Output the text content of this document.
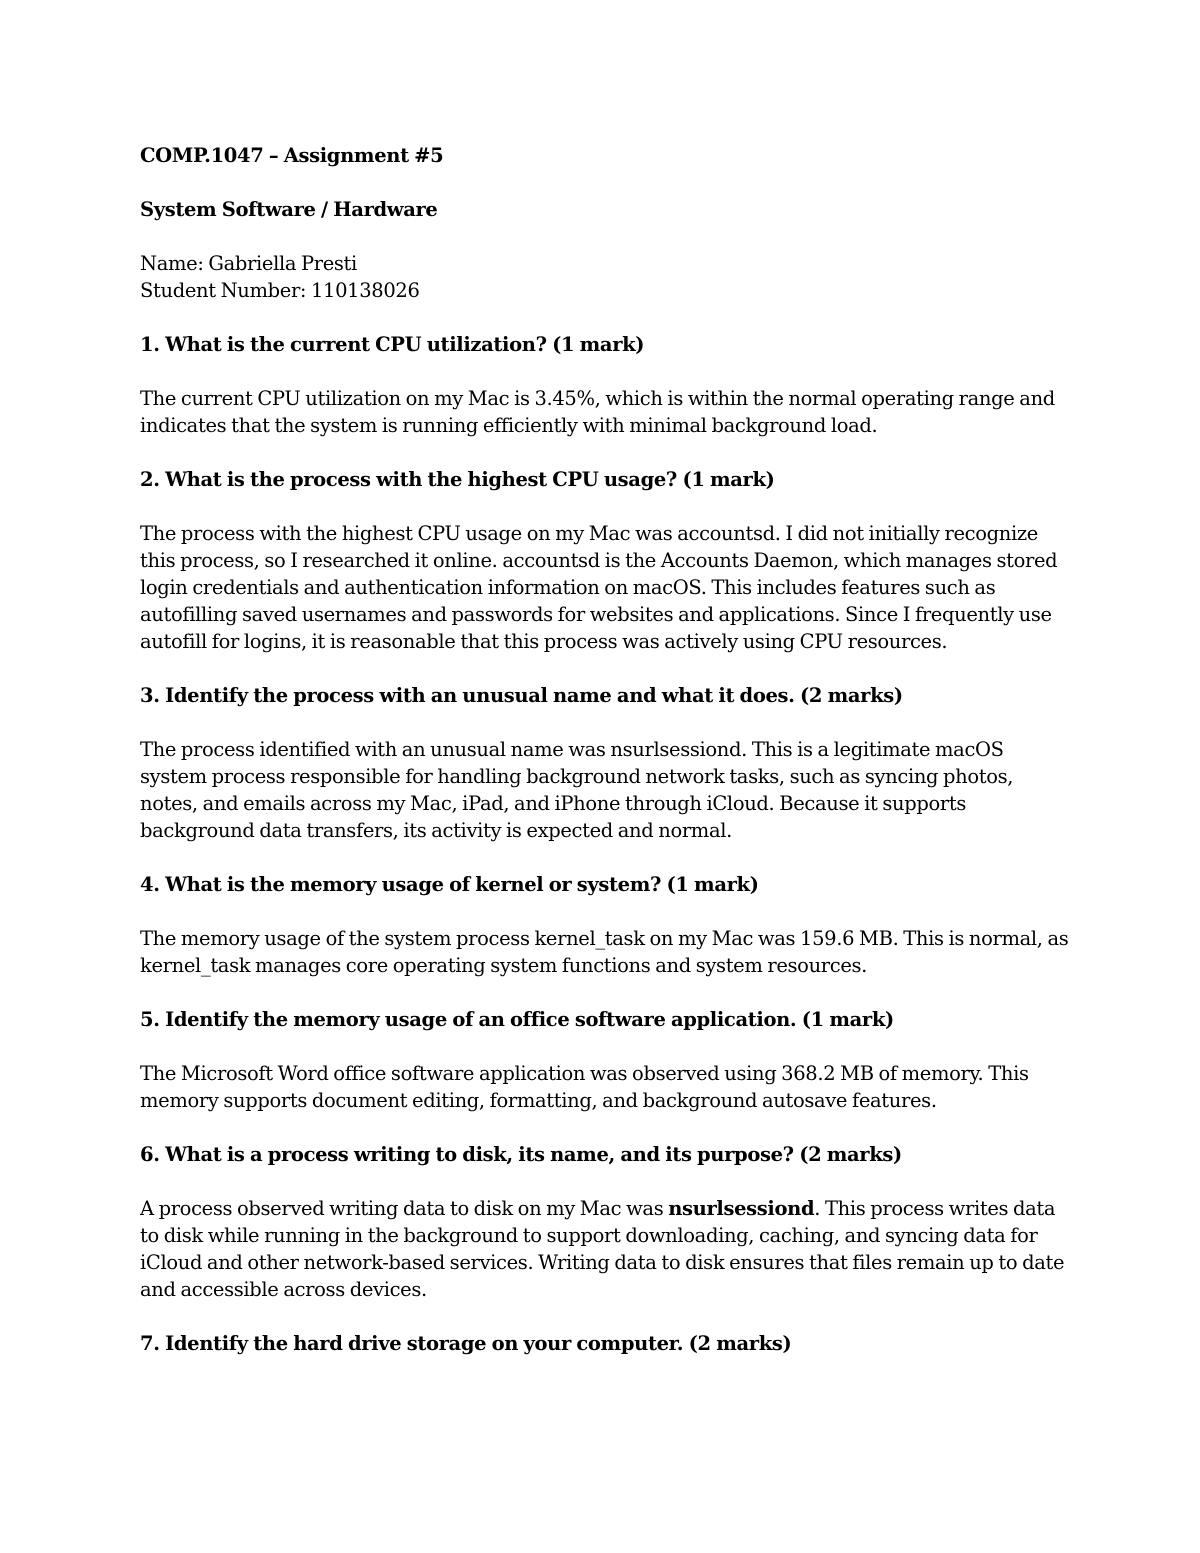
COMP.1047 – Assignment #5

System Software / Hardware

Name: Gabriella Presti

Student Number: 110138026

1. What is the current CPU utilization? (1 mark)

The current CPU utilization on my Mac is 3.45%, which is within the normal operating range and indicates that the system is running efficiently with minimal background load.

2. What is the process with the highest CPU usage? (1 mark)

The process with the highest CPU usage on my Mac was accountsd. I did not initially recognize this process, so I researched it online. accountsd is the Accounts Daemon, which manages stored login credentials and authentication information on macOS. This includes features such as autofilling saved usernames and passwords for websites and applications. Since I frequently use autofill for logins, it is reasonable that this process was actively using CPU resources.

3. Identify the process with an unusual name and what it does. (2 marks)

The process identified with an unusual name was nsurlsessiond. This is a legitimate macOS system process responsible for handling background network tasks, such as syncing photos, notes, and emails across my Mac, iPad, and iPhone through iCloud. Because it supports background data transfers, its activity is expected and normal.

4. What is the memory usage of kernel or system? (1 mark)

The memory usage of the system process kernel_task on my Mac was 159.6 MB. This is normal, as kernel_task manages core operating system functions and system resources.

5. Identify the memory usage of an office software application. (1 mark)

The Microsoft Word office software application was observed using 368.2 MB of memory. This memory supports document editing, formatting, and background autosave features.

6. What is a process writing to disk, its name, and its purpose? (2 marks)

A process observed writing data to disk on my Mac was nsurlsessiond. This process writes data to disk while running in the background to support downloading, caching, and syncing data for iCloud and other network-based services. Writing data to disk ensures that files remain up to date and accessible across devices.

7. Identify the hard drive storage on your computer. (2 marks)
